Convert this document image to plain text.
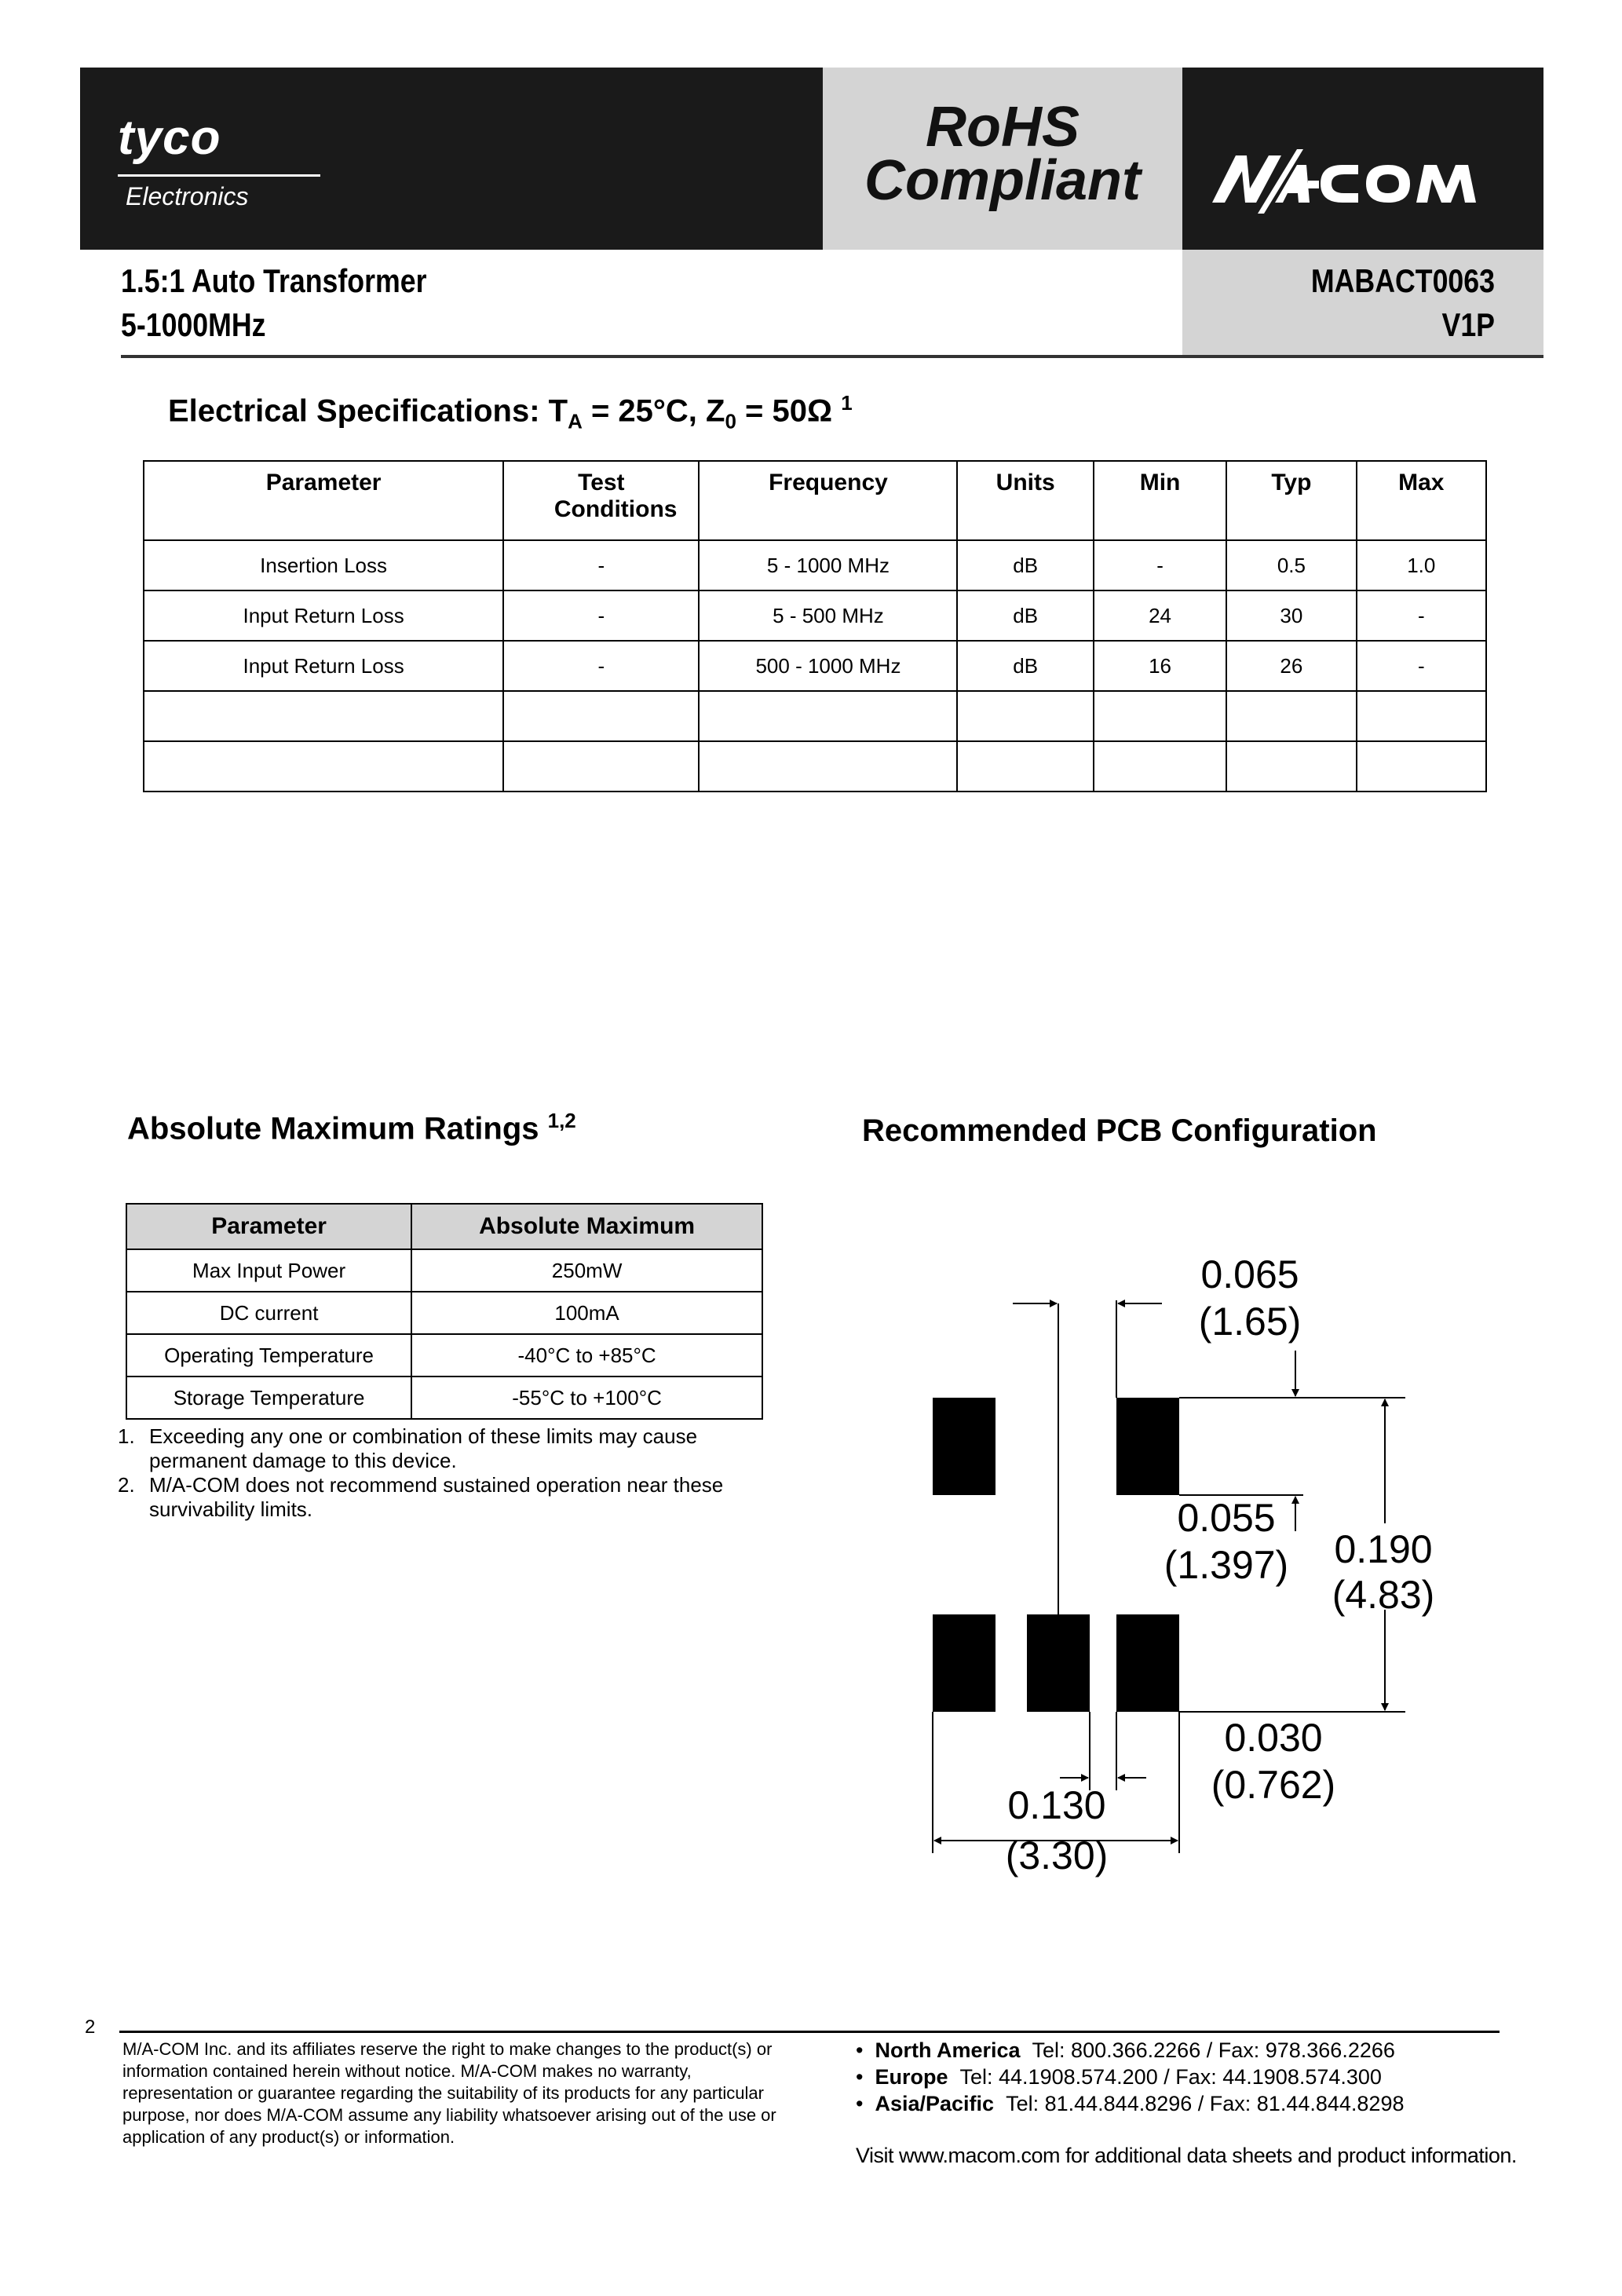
tyco
Electronics
RoHS
Compliant
1.5:1 Auto Transformer
5-1000MHz
MABACT0063
V1P
Electrical Specifications: $T_A = 25^\circ C$, $Z_0 = 50\Omega$ $^1$
Parameter	Test Conditions	Frequency	Units	Min	Typ	Max
Insertion Loss	-	5 - 1000 MHz	dB	-	0.5	1.0
Input Return Loss	-	5 - 500 MHz	dB	24	30	-
Input Return Loss	-	500 - 1000 MHz	dB	16	26	-

Absolute Maximum Ratings $^{1,2}$
Parameter	Absolute Maximum
Max Input Power	250mW
DC current	100mA
Operating Temperature	-40°C to +85°C
Storage Temperature	-55°C to +100°C
1. Exceeding any one or combination of these limits may cause permanent damage to this device.
2. M/A-COM does not recommend sustained operation near these survivability limits.
Recommended PCB Configuration
0.065
(1.65)
0.055
(1.397) 0.190
(4.83)
0.030
(0.762)
0.130
(3.30)
2
M/A-COM Inc. and its affiliates reserve the right to make changes to the product(s) or information contained herein without notice. M/A-COM makes no warranty, representation or guarantee regarding the suitability of its products for any particular purpose, nor does M/A-COM assume any liability whatsoever arising out of the use or application of any product(s) or information.
•  North America Tel: 800.366.2266 / Fax: 978.366.2266
•  Europe Tel: 44.1908.574.200 / Fax: 44.1908.574.300
•  Asia/Pacific Tel: 81.44.844.8296 / Fax: 81.44.844.8298
Visit www.macom.com for additional data sheets and product information.
